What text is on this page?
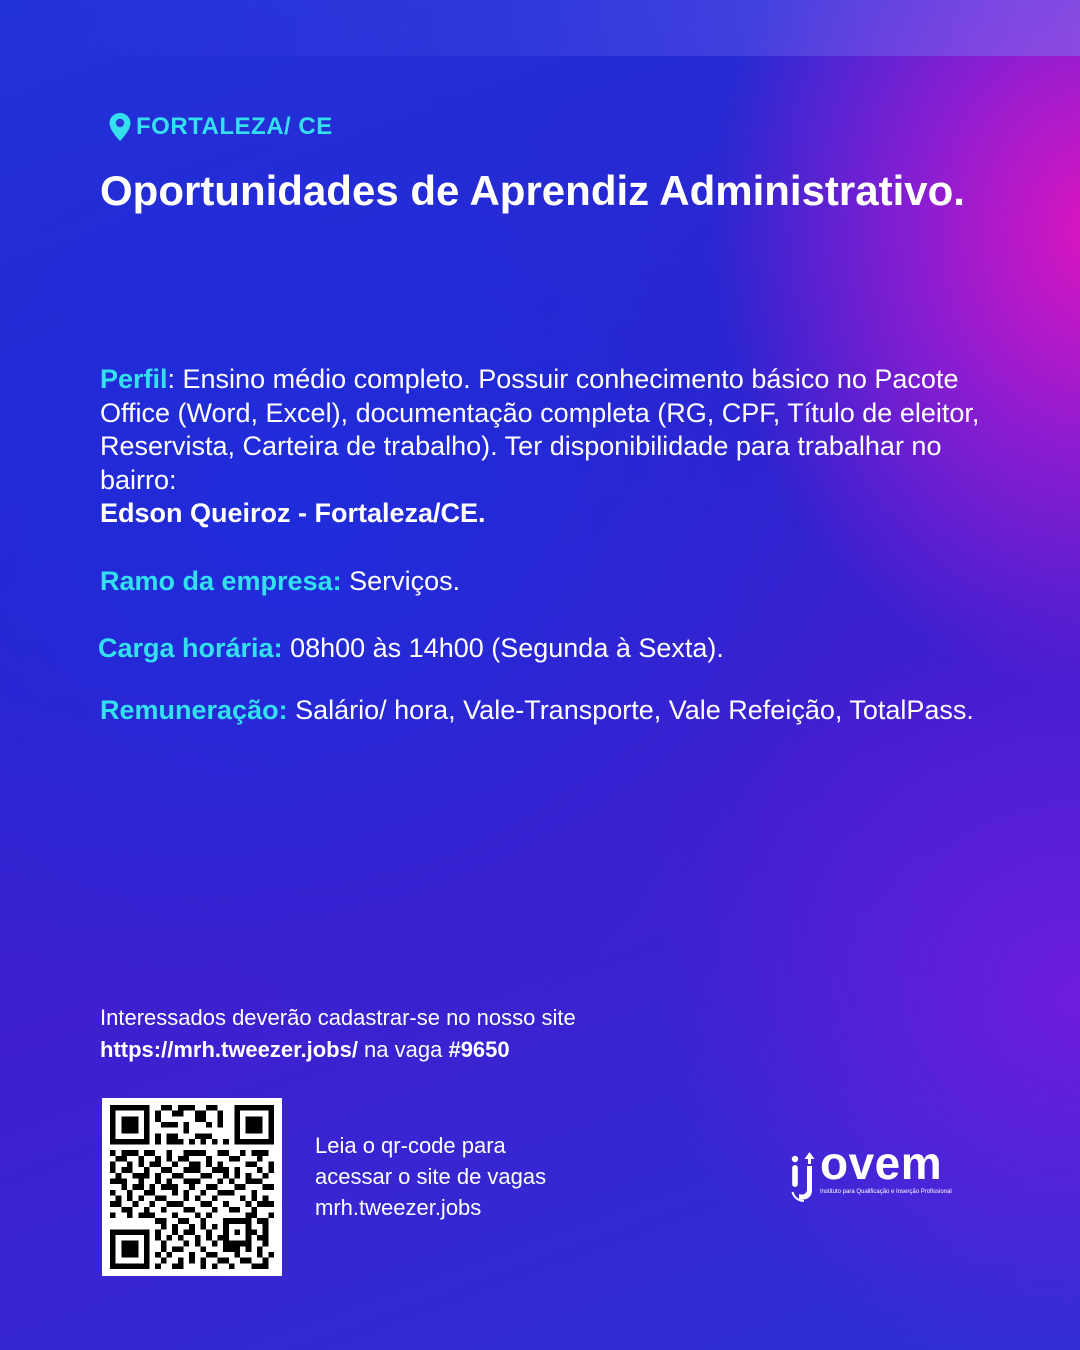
FORTALEZA/ CE
Oportunidades de Aprendiz Administrativo.
Perfil: Ensino médio completo. Possuir conhecimento básico no Pacote Office (Word, Excel), documentação completa (RG, CPF, Título de eleitor, Reservista, Carteira de trabalho). Ter disponibilidade para trabalhar no bairro:
Edson Queiroz - Fortaleza/CE.
Ramo da empresa: Serviços.
Carga horária: 08h00 às 14h00 (Segunda à Sexta).
Remuneração: Salário/ hora, Vale-Transporte, Vale Refeição, TotalPass.
Interessados deverão cadastrar-se no nosso site
https://mrh.tweezer.jobs/ na vaga #9650
Leia o qr-code para
acessar o site de vagas
mrh.tweezer.jobs
ovem
Instituto para Qualificação e Inserção Profissional
